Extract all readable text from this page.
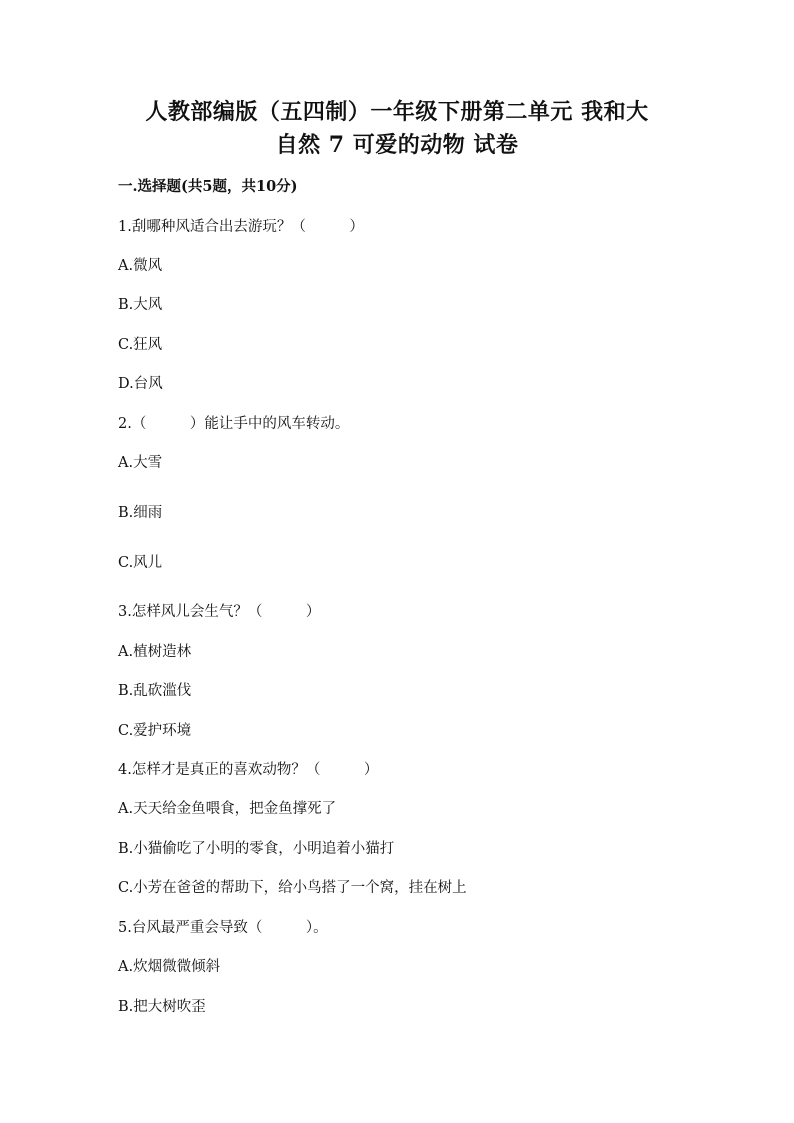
人教部编版（五四制）一年级下册第二单元 我和大
自然 7 可爱的动物 试卷
一.选择题(共5题，共10分)
1.刮哪种风适合出去游玩？（　　　）
A.微风
B.大风
C.狂风
D.台风
2.（　　　）能让手中的风车转动。
A.大雪
B.细雨
C.风儿
3.怎样风儿会生气？（　　　）
A.植树造林
B.乱砍滥伐
C.爱护环境
4.怎样才是真正的喜欢动物？（　　　）
A.天天给金鱼喂食，把金鱼撑死了
B.小猫偷吃了小明的零食，小明追着小猫打
C.小芳在爸爸的帮助下，给小鸟搭了一个窝，挂在树上
5.台风最严重会导致（　　　）。
A.炊烟微微倾斜
B.把大树吹歪
